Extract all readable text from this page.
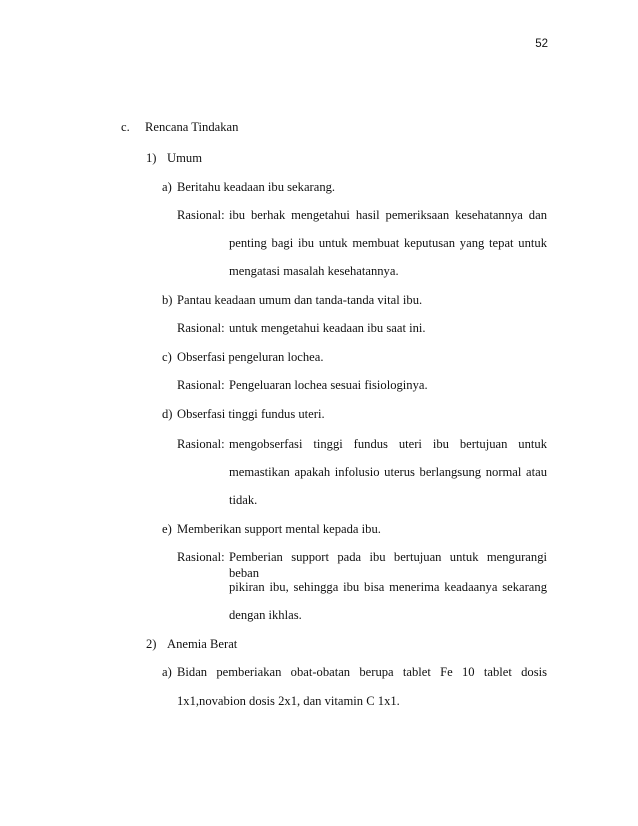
52
c. Rencana Tindakan
1) Umum
a) Beritahu keadaan ibu sekarang.
Rasional: ibu berhak mengetahui hasil pemeriksaan kesehatannya dan
penting bagi ibu untuk membuat keputusan yang tepat untuk
mengatasi masalah kesehatannya.
b) Pantau keadaan umum dan tanda-tanda vital ibu.
Rasional: untuk mengetahui keadaan ibu saat ini.
c) Obserfasi pengeluran lochea.
Rasional: Pengeluaran lochea sesuai fisiologinya.
d) Obserfasi tinggi fundus uteri.
Rasional: mengobserfasi tinggi fundus uteri ibu bertujuan untuk
memastikan apakah infolusio uterus berlangsung normal atau
tidak.
e) Memberikan support mental kepada ibu.
Rasional: Pemberian support pada ibu bertujuan untuk mengurangi beban
pikiran ibu, sehingga ibu bisa menerima keadaanya sekarang
dengan ikhlas.
2) Anemia Berat
a) Bidan pemberiakan obat-obatan berupa tablet Fe 10 tablet dosis
1x1,novabion dosis 2x1, dan vitamin C 1x1.
